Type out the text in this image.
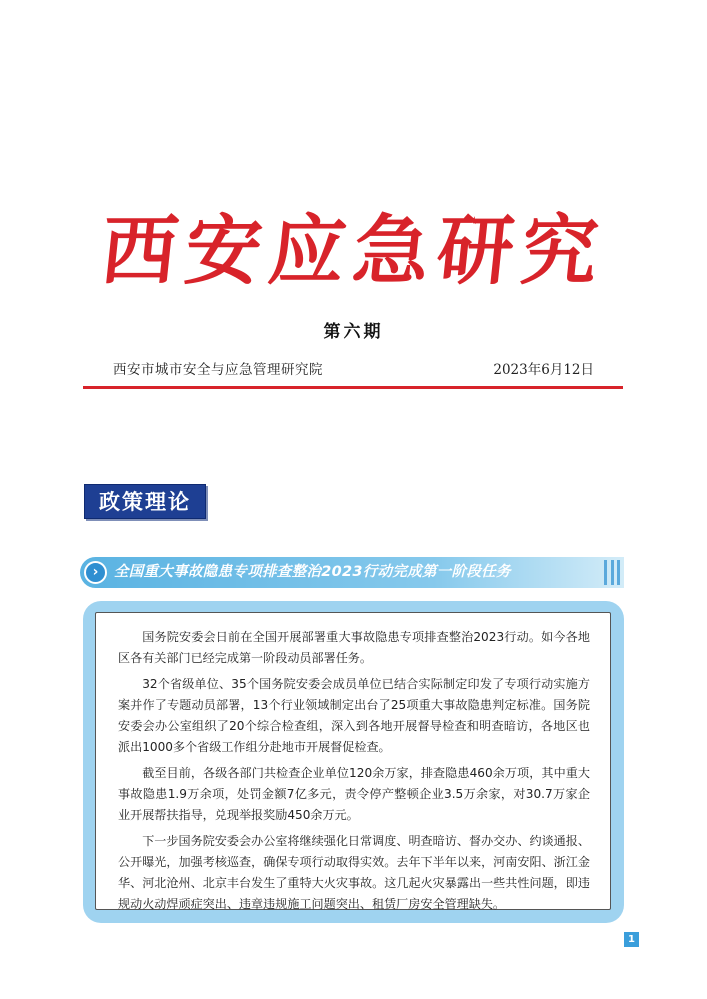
西安应急研究
第六期
西安市城市安全与应急管理研究院	2023年6月12日
政策理论
›	全国重大事故隐患专项排查整治2023行动完成第一阶段任务

国务院安委会日前在全国开展部署重大事故隐患专项排查整治2023行动。如今各地区各有关部门已经完成第一阶段动员部署任务。

32个省级单位、35个国务院安委会成员单位已结合实际制定印发了专项行动实施方案并作了专题动员部署，13个行业领域制定出台了25项重大事故隐患判定标准。国务院安委会办公室组织了20个综合检查组，深入到各地开展督导检查和明查暗访，各地区也派出1000多个省级工作组分赴地市开展督促检查。

截至目前，各级各部门共检查企业单位120余万家，排查隐患460余万项，其中重大事故隐患1.9万余项，处罚金额7亿多元，责令停产整顿企业3.5万余家，对30.7万家企业开展帮扶指导，兑现举报奖励450余万元。

下一步国务院安委会办公室将继续强化日常调度、明查暗访、督办交办、约谈通报、公开曝光，加强考核巡查，确保专项行动取得实效。去年下半年以来，河南安阳、浙江金华、河北沧州、北京丰台发生了重特大火灾事故。这几起火灾暴露出一些共性问题，即违规动火动焊顽症突出、违章违规施工问题突出、租赁厂房安全管理缺失。

1
